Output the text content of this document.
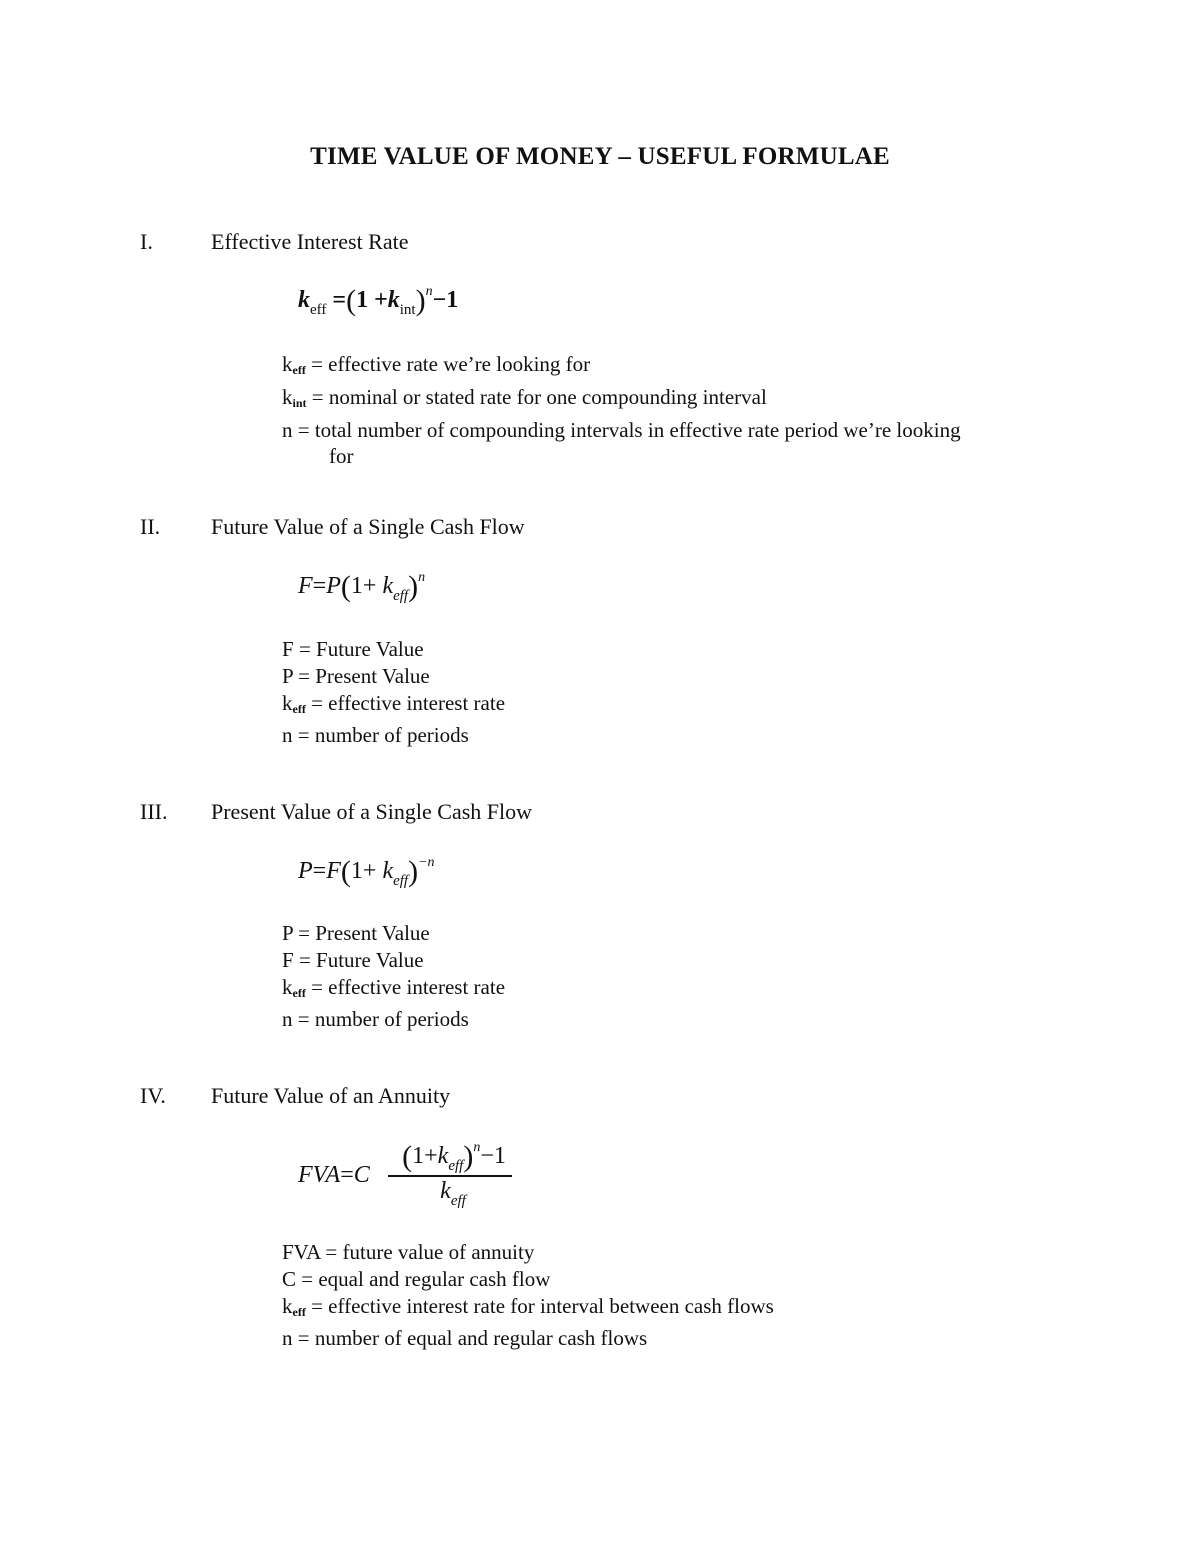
TIME VALUE OF MONEY – USEFUL FORMULAE
I.	Effective Interest Rate
$k_{eff} =(1 +k_{int})^n-1$
$k_{eff}$ = effective rate we’re looking for
$k_{int}$ = nominal or stated rate for one compounding interval
n = total number of compounding intervals in effective rate period we’re looking
for
II. Future Value of a Single Cash Flow
$F=P(1+ k_{eff})^n$
F = Future Value
P = Present Value
$k_{eff}$ = effective interest rate
n = number of periods
III. Present Value of a Single Cash Flow
$P=F(1+ k_{eff})^{-n}$
P = Present Value
F = Future Value
$k_{eff}$ = effective interest rate
n = number of periods
IV. Future Value of an Annuity
FVA=C
$(1+k_{eff})^n-1$
$k_{eff}$
FVA = future value of annuity
C = equal and regular cash flow
$k_{eff}$ = effective interest rate for interval between cash flows
n = number of equal and regular cash flows
